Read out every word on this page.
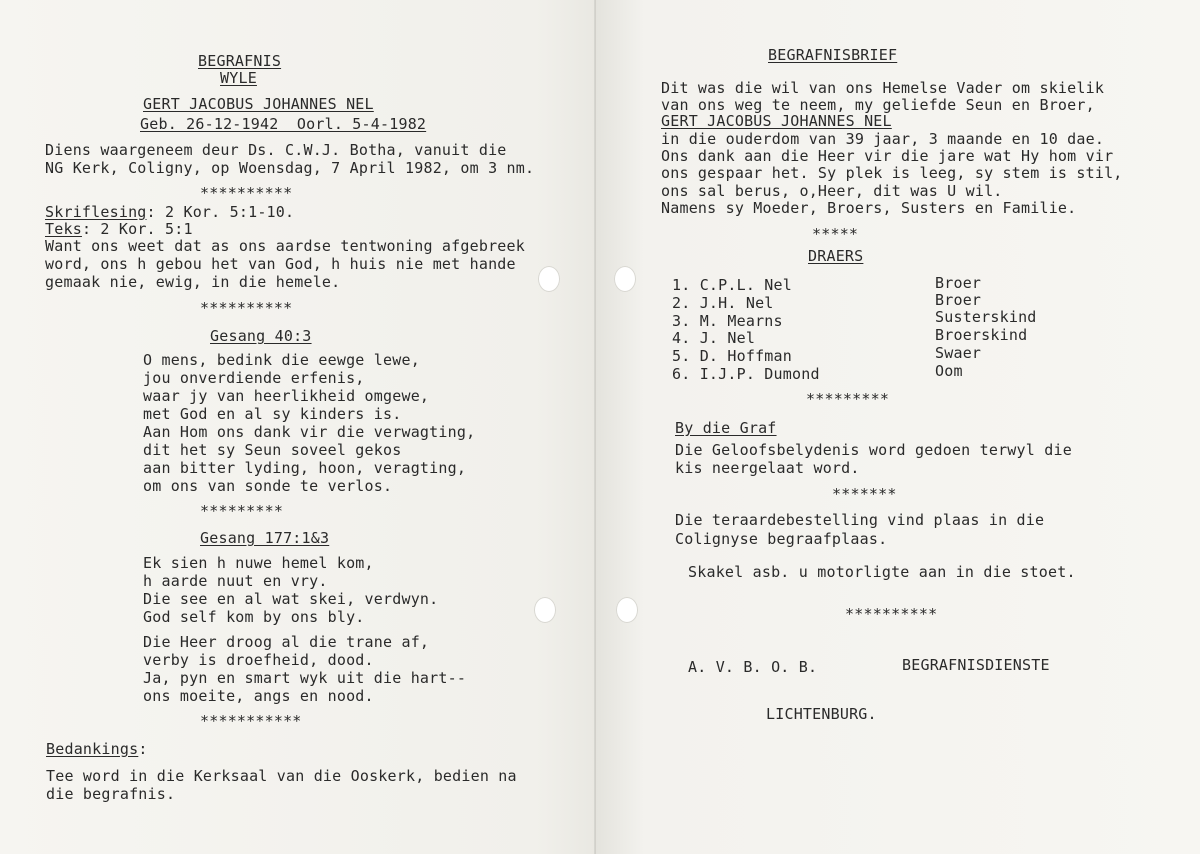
BEGRAFNIS
WYLE
GERT JACOBUS JOHANNES NEL
Geb. 26-12-1942  Oorl. 5-4-1982
Diens waargeneem deur Ds. C.W.J. Botha, vanuit die
NG Kerk, Coligny, op Woensdag, 7 April 1982, om 3 nm.
**********
Skriflesing: 2 Kor. 5:1-10.
Teks: 2 Kor. 5:1
Want ons weet dat as ons aardse tentwoning afgebreek
word, ons h gebou het van God, h huis nie met hande
gemaak nie, ewig, in die hemele.
**********
Gesang 40:3
O mens, bedink die eewge lewe,
jou onverdiende erfenis,
waar jy van heerlikheid omgewe,
met God en al sy kinders is.
Aan Hom ons dank vir die verwagting,
dit het sy Seun soveel gekos
aan bitter lyding, hoon, veragting,
om ons van sonde te verlos.
*********
Gesang 177:1&3
Ek sien h nuwe hemel kom,
h aarde nuut en vry.
Die see en al wat skei, verdwyn.
God self kom by ons bly.
Die Heer droog al die trane af,
verby is droefheid, dood.
Ja, pyn en smart wyk uit die hart--
ons moeite, angs en nood.
***********
Bedankings:
Tee word in die Kerksaal van die Ooskerk, bedien na
die begrafnis.
BEGRAFNISBRIEF
Dit was die wil van ons Hemelse Vader om skielik
van ons weg te neem, my geliefde Seun en Broer,
GERT JACOBUS JOHANNES NEL
in die ouderdom van 39 jaar, 3 maande en 10 dae.
Ons dank aan die Heer vir die jare wat Hy hom vir
ons gespaar het. Sy plek is leeg, sy stem is stil,
ons sal berus, o,Heer, dit was U wil.
Namens sy Moeder, Broers, Susters en Familie.
*****
DRAERS
1. C.P.L. Nel	Broer
2. J.H. Nel	Broer
3. M. Mearns	Susterskind
4. J. Nel	Broerskind
5. D. Hoffman	Swaer
6. I.J.P. Dumond	Oom
*********
By die Graf
Die Geloofsbelydenis word gedoen terwyl die
kis neergelaat word.
*******
Die teraardebestelling vind plaas in die
Colignyse begraafplaas.
Skakel asb. u motorligte aan in die stoet.
**********
A. V. B. O. B.	BEGRAFNISDIENSTE
LICHTENBURG.
